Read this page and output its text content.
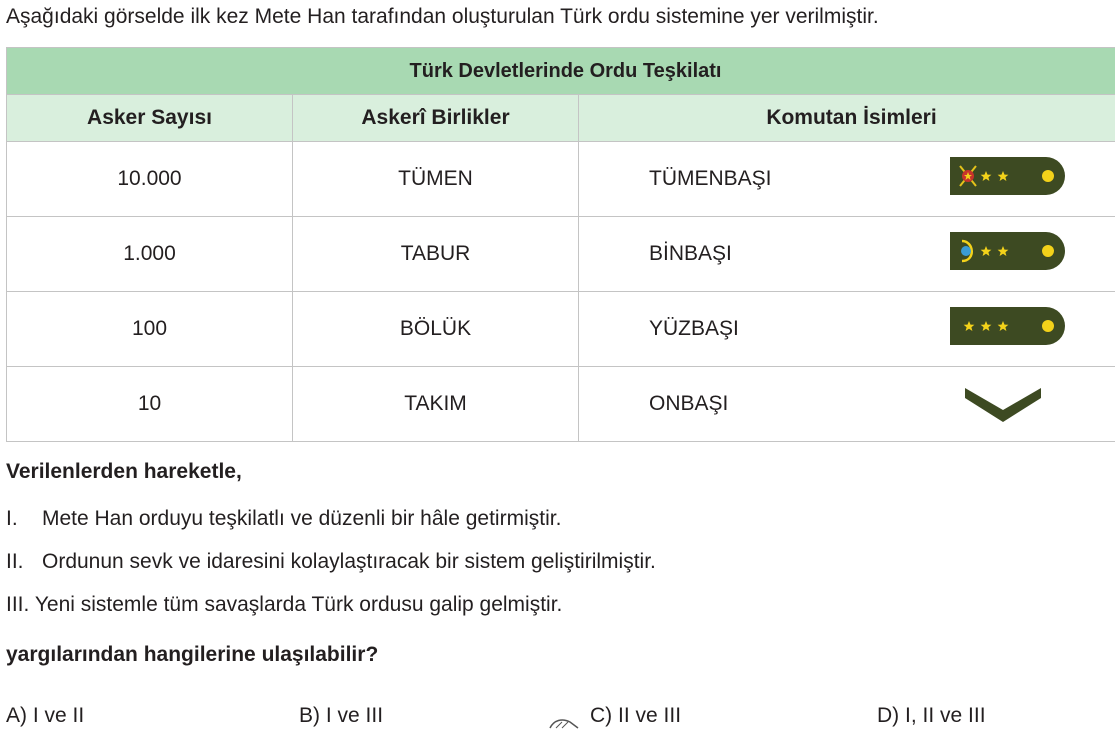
Aşağıdaki görselde ilk kez Mete Han tarafından oluşturulan Türk ordu sistemine yer verilmiştir.
Türk Devletlerinde Ordu Teşkilatı		
Asker Sayısı	Askerî Birlikler	Komutan İsimleri
10.000	TÜMEN	TÜMENBAŞI

1.000	TABUR	BİNBAŞI

100	BÖLÜK	YÜZBAŞI

10	TAKIM	ONBAŞI
Verilenlerden hareketle,
I. Mete Han orduyu teşkilatlı ve düzenli bir hâle getirmiştir.
II. Ordunun sevk ve idaresini kolaylaştıracak bir sistem geliştirilmiştir.
III. Yeni sistemle tüm savaşlarda Türk ordusu galip gelmiştir.
yargılarından hangilerine ulaşılabilir?
A) I ve II	B) I ve III	C) II ve III	D) I, II ve III
